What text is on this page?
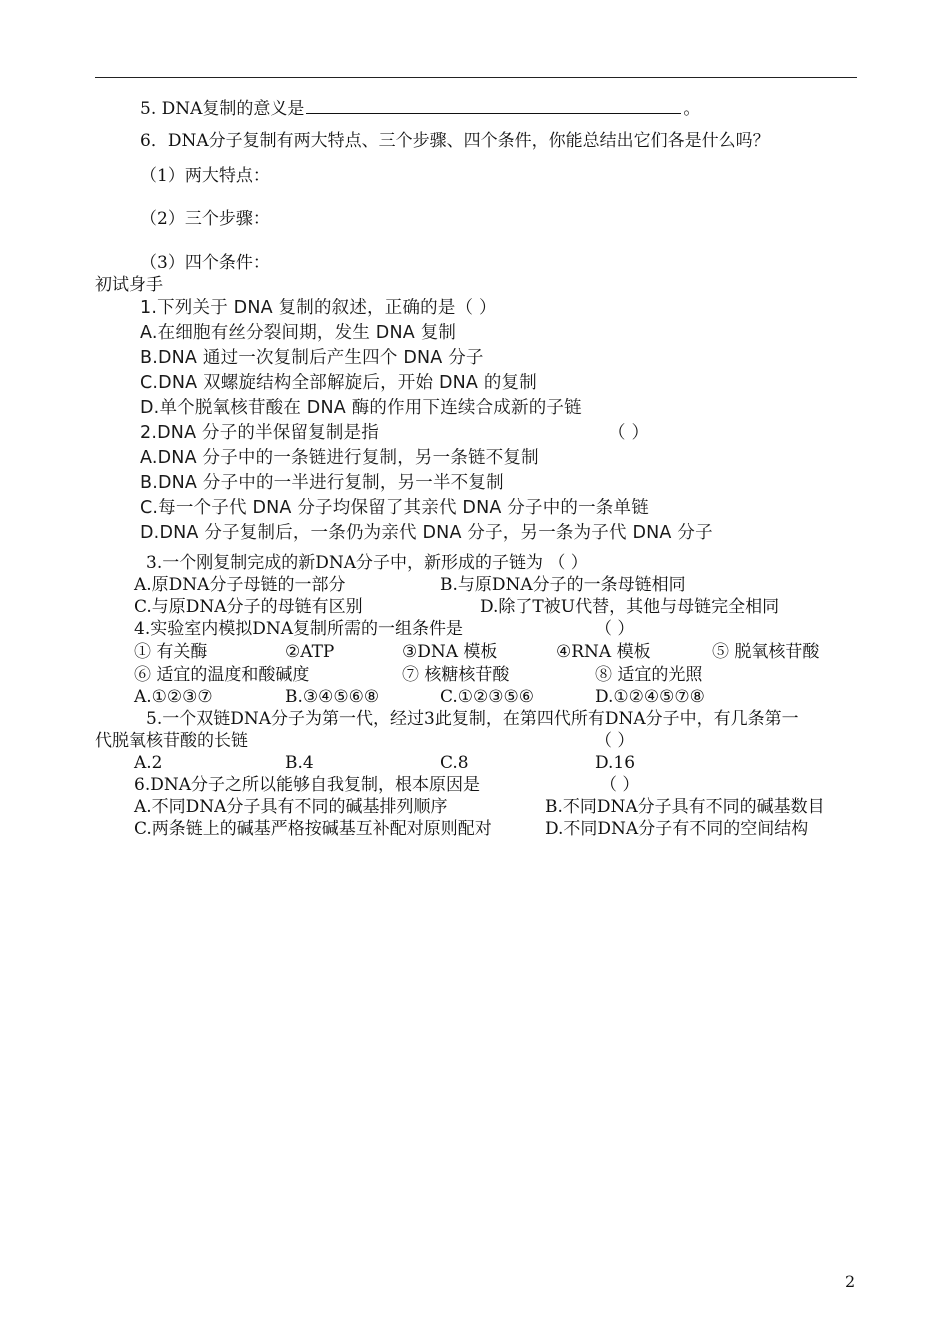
5. DNA复制的意义是	。
6．DNA分子复制有两大特点、三个步骤、四个条件，你能总结出它们各是什么吗？
（1）两大特点：
（2）三个步骤：
（3）四个条件：
初试身手
1.下列关于 DNA 复制的叙述，正确的是（ ）
A.在细胞有丝分裂间期，发生 DNA 复制
B.DNA 通过一次复制后产生四个 DNA 分子
C.DNA 双螺旋结构全部解旋后，开始 DNA 的复制
D.单个脱氧核苷酸在 DNA 酶的作用下连续合成新的子链
2.DNA 分子的半保留复制是指	（ ）
A.DNA 分子中的一条链进行复制，另一条链不复制
B.DNA 分子中的一半进行复制，另一半不复制
C.每一个子代 DNA 分子均保留了其亲代 DNA 分子中的一条单链
D.DNA 分子复制后，一条仍为亲代 DNA 分子，另一条为子代 DNA 分子
3.一个刚复制完成的新DNA分子中，新形成的子链为 （ ）
A.原DNA分子母链的一部分	B.与原DNA分子的一条母链相同
C.与原DNA分子的母链有区别	D.除了T被U代替，其他与母链完全相同
4.实验室内模拟DNA复制所需的一组条件是	（ ）
① 有关酶	②ATP	③DNA 模板	④RNA 模板	⑤ 脱氧核苷酸
⑥ 适宜的温度和酸碱度	⑦ 核糖核苷酸	⑧ 适宜的光照
A.①②③⑦	B.③④⑤⑥⑧	C.①②③⑤⑥	D.①②④⑤⑦⑧
5.一个双链DNA分子为第一代，经过3此复制，在第四代所有DNA分子中，有几条第一
代脱氧核苷酸的长链	（ ）
A.2	B.4	C.8	D.16
6.DNA分子之所以能够自我复制，根本原因是	（ ）
A.不同DNA分子具有不同的碱基排列顺序	B.不同DNA分子具有不同的碱基数目
C.两条链上的碱基严格按碱基互补配对原则配对	D.不同DNA分子有不同的空间结构
2
